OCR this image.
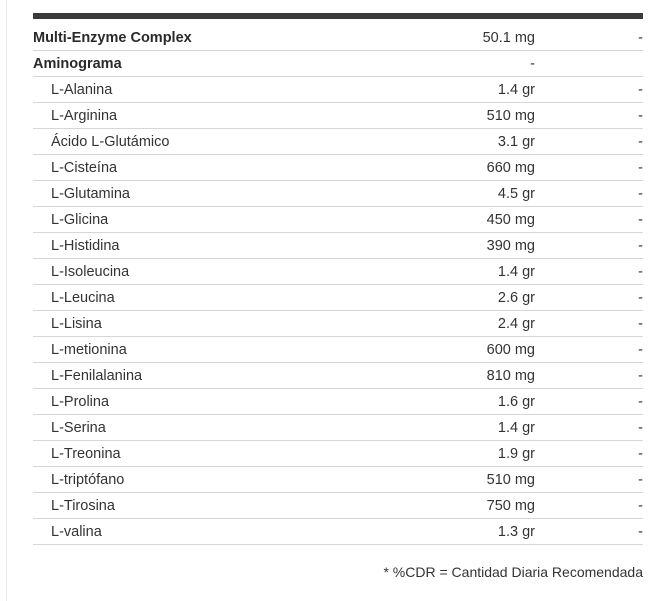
Multi-Enzyme Complex	50.1 mg	-
Aminograma	-
L-Alanina	1.4 gr	-
L-Arginina	510 mg	-
Ácido L-Glutámico	3.1 gr	-
L-Cisteína	660 mg	-
L-Glutamina	4.5 gr	-
L-Glicina	450 mg	-
L-Histidina	390 mg	-
L-Isoleucina	1.4 gr	-
L-Leucina	2.6 gr	-
L-Lisina	2.4 gr	-
L-metionina	600 mg	-
L-Fenilalanina	810 mg	-
L-Prolina	1.6 gr	-
L-Serina	1.4 gr	-
L-Treonina	1.9 gr	-
L-triptófano	510 mg	-
L-Tirosina	750 mg	-
L-valina	1.3 gr	-
* %CDR = Cantidad Diaria Recomendada
